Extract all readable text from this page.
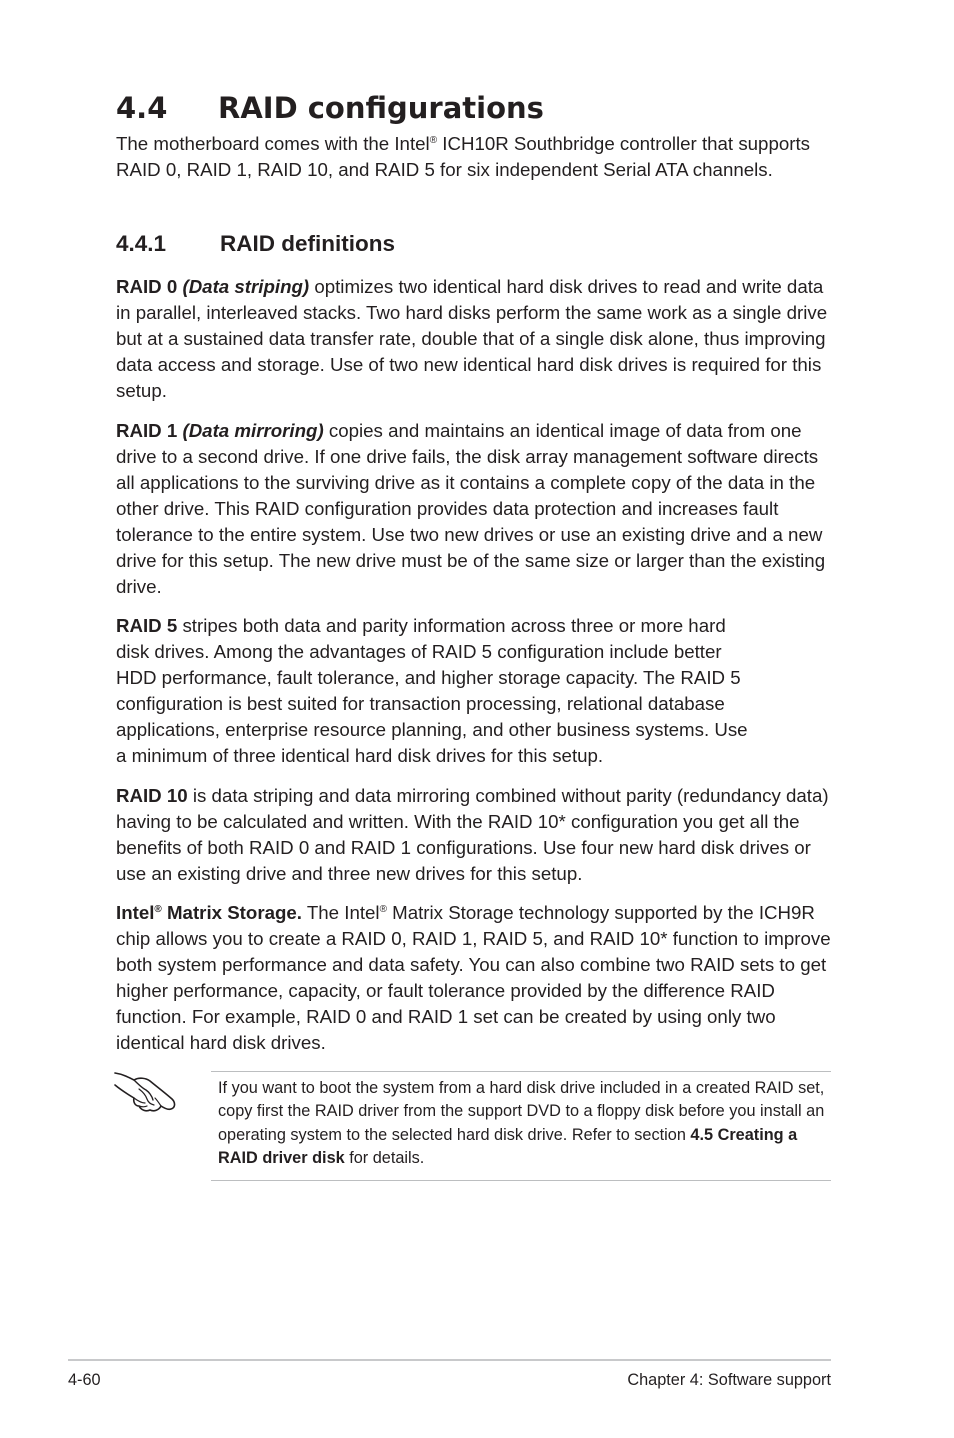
4.4 RAID configurations

The motherboard comes with the Intel® ICH10R Southbridge controller that supports RAID 0, RAID 1, RAID 10, and RAID 5 for six independent Serial ATA channels.

4.4.1 RAID definitions

RAID 0 (Data striping) optimizes two identical hard disk drives to read and write data in parallel, interleaved stacks. Two hard disks perform the same work as a single drive but at a sustained data transfer rate, double that of a single disk alone, thus improving data access and storage. Use of two new identical hard disk drives is required for this setup.

RAID 1 (Data mirroring) copies and maintains an identical image of data from one drive to a second drive. If one drive fails, the disk array management software directs all applications to the surviving drive as it contains a complete copy of the data in the other drive. This RAID configuration provides data protection and increases fault tolerance to the entire system. Use two new drives or use an existing drive and a new drive for this setup. The new drive must be of the same size or larger than the existing drive.

RAID 5 stripes both data and parity information across three or more hard disk drives. Among the advantages of RAID 5 configuration include better HDD performance, fault tolerance, and higher storage capacity. The RAID 5 configuration is best suited for transaction processing, relational database applications, enterprise resource planning, and other business systems. Use a minimum of three identical hard disk drives for this setup.

RAID 10 is data striping and data mirroring combined without parity (redundancy data) having to be calculated and written. With the RAID 10* configuration you get all the benefits of both RAID 0 and RAID 1 configurations. Use four new hard disk drives or use an existing drive and three new drives for this setup.

Intel® Matrix Storage. The Intel® Matrix Storage technology supported by the ICH9R chip allows you to create a RAID 0, RAID 1, RAID 5, and RAID 10* function to improve both system performance and data safety. You can also combine two RAID sets to get higher performance, capacity, or fault tolerance provided by the difference RAID function. For example, RAID 0 and RAID 1 set can be created by using only two identical hard disk drives.

If you want to boot the system from a hard disk drive included in a created RAID set, copy first the RAID driver from the support DVD to a floppy disk before you install an operating system to the selected hard disk drive. Refer to section 4.5 Creating a RAID driver disk for details.

4-60	Chapter 4: Software support
